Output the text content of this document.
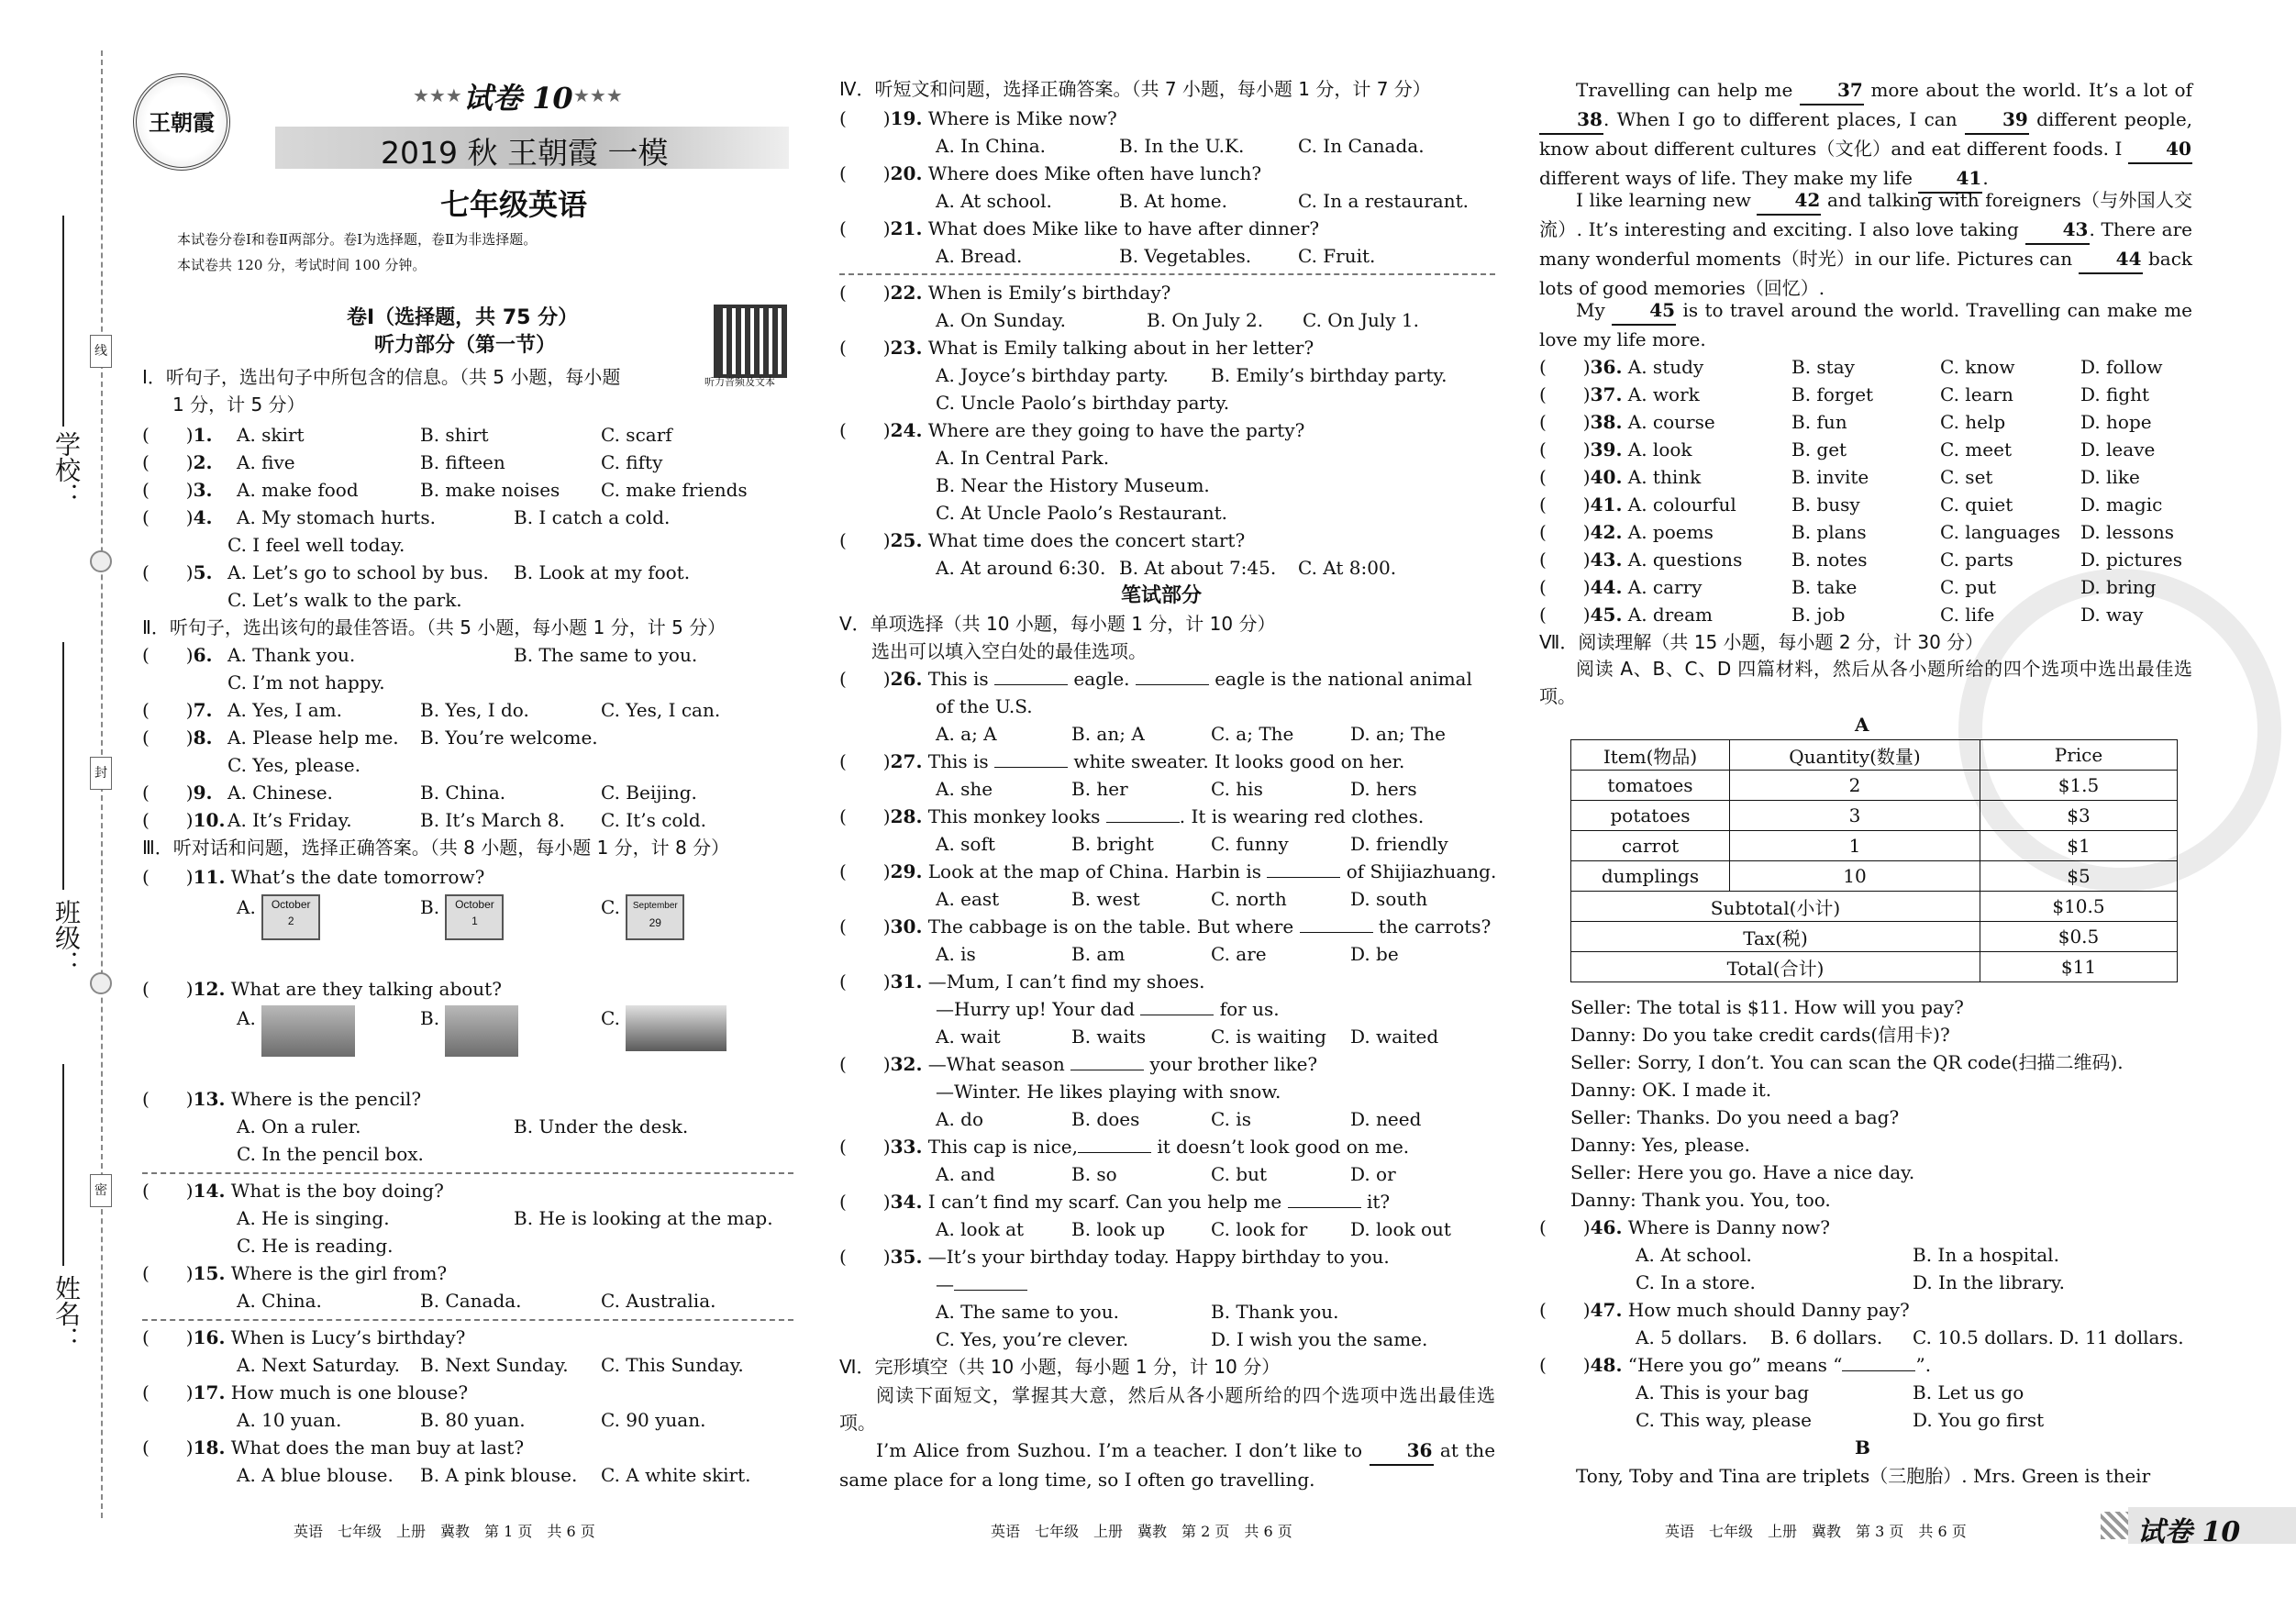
学校：
班级：
姓名：
线
封
密
王朝霞
★★★ 试卷 10 ★★★
2019 秋 王朝霞 一模
七年级英语
本试卷分卷Ⅰ和卷Ⅱ两部分。卷Ⅰ为选择题，卷Ⅱ为非选择题。
本试卷共 120 分，考试时间 100 分钟。
听力音频及文本
卷Ⅰ（选择题，共 75 分）
听力部分（第一节）
Ⅰ．听句子，选出句子中所包含的信息。（共 5 小题，每小题
1 分，计 5 分）
(　　)1. A. skirt	B. shirt	C. scarf
(　　)2. A. five	B. fifteen	C. fifty
(　　)3. A. make food	B. make noises C. make friends
(　　)4. A. My stomach hurts.	B. I catch a cold.
C. I feel well today.
(　　)5. A. Let’s go to school by bus. B. Look at my foot.
C. Let’s walk to the park.
Ⅱ．听句子，选出该句的最佳答语。（共 5 小题，每小题 1 分，计 5 分）
(　　)6. A. Thank you.	B. The same to you.
C. I’m not happy.
(　　)7. A. Yes, I am.	B. Yes, I do.	C. Yes, I can.
(　　)8. A. Please help me. B. You’re welcome.
C. Yes, please.
(　　)9. A. Chinese.	B. China.	C. Beijing.
(　　)10. A. It’s Friday.	B. It’s March 8. C. It’s cold.
Ⅲ．听对话和问题，选择正确答案。（共 8 小题，每小题 1 分，计 8 分）
(　　)11. What’s the date tomorrow?
A. October
2
B. October
1
C. September
29
(　　)12. What are they talking about?
A.	B.	C.
(　　)13. Where is the pencil?
A. On a ruler.	B. Under the desk.
C. In the pencil box.
(　　)14. What is the boy doing?
A. He is singing.	B. He is looking at the map.
C. He is reading.
(　　)15. Where is the girl from?
A. China.	B. Canada.	C. Australia.
(　　)16. When is Lucy’s birthday?
A. Next Saturday. B. Next Sunday. C. This Sunday.
(　　)17. How much is one blouse?
A. 10 yuan.	B. 80 yuan.	C. 90 yuan.
(　　)18. What does the man buy at last?
A. A blue blouse. B. A pink blouse. C. A white skirt.
Ⅳ．听短文和问题，选择正确答案。（共 7 小题，每小题 1 分，计 7 分）
(　　)19. Where is Mike now?
A. In China.	B. In the U.K.	C. In Canada.
(　　)20. Where does Mike often have lunch?
A. At school.	B. At home.	C. In a restaurant.
(　　)21. What does Mike like to have after dinner?
A. Bread.	B. Vegetables.	C. Fruit.
(　　)22. When is Emily’s birthday?
A. On Sunday.	B. On July 2. C. On July 1.
(　　)23. What is Emily talking about in her letter?
A. Joyce’s birthday party. B. Emily’s birthday party.
C. Uncle Paolo’s birthday party.
(　　)24. Where are they going to have the party?
A. In Central Park.
B. Near the History Museum.
C. At Uncle Paolo’s Restaurant.
(　　)25. What time does the concert start?
A. At around 6:30. B. At about 7:45. C. At 8:00.
笔试部分
Ⅴ．单项选择（共 10 小题，每小题 1 分，计 10 分）
选出可以填入空白处的最佳选项。
(　　)26. This is	eagle.	eagle is the national animal
of the U.S.
A. a; A	B. an; A	C. a; The	D. an; The
(　　)27. This is	white sweater. It looks good on her.
A. she	B. her	C. his	D. hers
(　　)28. This monkey looks	. It is wearing red clothes.
A. soft	B. bright	C. funny	D. friendly
(　　)29. Look at the map of China. Harbin is	of Shijiazhuang.
A. east	B. west	C. north	D. south
(　　)30. The cabbage is on the table. But where	the carrots?
A. is	B. am	C. are	D. be
(　　)31. —Mum, I can’t find my shoes.
—Hurry up! Your dad	for us.
A. wait	B. waits	C. is waiting D. waited
(　　)32. —What season	your brother like?
—Winter. He likes playing with snow.
A. do	B. does	C. is	D. need
(　　)33. This cap is nice,	it doesn’t look good on me.
A. and	B. so	C. but	D. or
(　　)34. I can’t find my scarf. Can you help me	it?
A. look at	B. look up C. look for D. look out
(　　)35. —It’s your birthday today. Happy birthday to you.
—
A. The same to you.	B. Thank you.
C. Yes, you’re clever.	D. I wish you the same.
Ⅵ．完形填空（共 10 小题，每小题 1 分，计 10 分）
阅读下面短文，掌握其大意，然后从各小题所给的四个选项中选出最佳选项。
I’m Alice from Suzhou. I’m a teacher. I don’t like to 36 at the same place for a long time, so I often go travelling.
Travelling can help me 37 more about the world. It’s a lot of 38. When I go to different places, I can 39 different people, know about different cultures（文化）and eat different foods. I 40 different ways of life. They make my life 41.
I like learning new 42 and talking with foreigners（与外国人交流）. It’s interesting and exciting. I also love taking 43. There are many wonderful moments（时光）in our life. Pictures can 44 back lots of good memories（回忆）.
My 45 is to travel around the world. Travelling can make me love my life more.
(　　)36. A. study	B. stay	C. know	D. follow
(　　)37. A. work	B. forget	C. learn	D. fight
(　　)38. A. course	B. fun	C. help	D. hope
(　　)39. A. look	B. get	C. meet	D. leave
(　　)40. A. think	B. invite	C. set	D. like
(　　)41. A. colourful	B. busy	C. quiet	D. magic
(　　)42. A. poems	B. plans	C. languages D. lessons
(　　)43. A. questions	B. notes	C. parts	D. pictures
(　　)44. A. carry	B. take	C. put	D. bring
(　　)45. A. dream	B. job	C. life	D. way
Ⅶ．阅读理解（共 15 小题，每小题 2 分，计 30 分）
阅读 A、B、C、D 四篇材料，然后从各小题所给的四个选项中选出最佳选项。
A
Item(物品)	Quantity(数量)	Price
tomatoes	2	$1.5
potatoes	3	$3
carrot	1	$1
dumplings	10	$5
Subtotal(小计)		$10.5
Tax(税)		$0.5
Total(合计)		$11
Seller: The total is $11. How will you pay?
Danny: Do you take credit cards(信用卡)?
Seller: Sorry, I don’t. You can scan the QR code(扫描二维码).
Danny: OK. I made it.
Seller: Thanks. Do you need a bag?
Danny: Yes, please.
Seller: Here you go. Have a nice day.
Danny: Thank you. You, too.
(　　)46. Where is Danny now?
A. At school.	B. In a hospital.
C. In a store.	D. In the library.
(　　)47. How much should Danny pay?
A. 5 dollars. B. 6 dollars. C. 10.5 dollars. D. 11 dollars.
(　　)48. “Here you go” means “	”.
A. This is your bag	B. Let us go
C. This way, please	D. You go first
B
Tony, Toby and Tina are triplets（三胞胎）. Mrs. Green is their
英语　七年级　上册　冀教　第 1 页　共 6 页	英语　七年级　上册　冀教　第 2 页　共 6 页	英语　七年级　上册　冀教　第 3 页　共 6 页	试卷 10
